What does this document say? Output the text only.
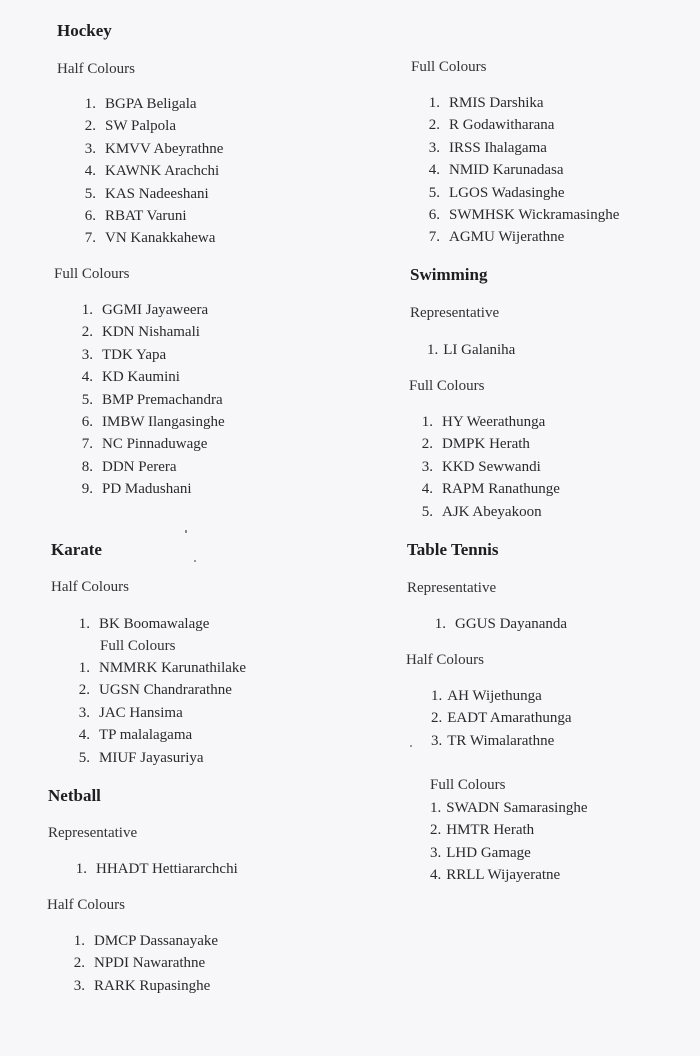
Hockey

Half Colours

1. BGPA Beligala
2. SW Palpola
3. KMVV Abeyrathne
4. KAWNK Arachchi
5. KAS Nadeeshani
6. RBAT Varuni
7. VN Kanakkahewa

Full Colours

1. GGMI Jayaweera
2. KDN Nishamali
3. TDK Yapa
4. KD Kaumini
5. BMP Premachandra
6. IMBW Ilangasinghe
7. NC Pinnaduwage
8. DDN Perera
9. PD Madushani
Karate

Half Colours

1. BK Boomawalage

Full Colours

1. NMMRK Karunathilake
2. UGSN Chandrarathne
3. JAC Hansima
4. TP malalagama
5. MIUF Jayasuriya
Netball

Representative

1. HHADT Hettiararchchi

Half Colours

1. DMCP Dassanayake
2. NPDI Nawarathne
3. RARK Rupasinghe

Full Colours

1. RMIS Darshika
2. R Godawitharana
3. IRSS Ihalagama
4. NMID Karunadasa
5. LGOS Wadasinghe
6. SWMHSK Wickramasinghe
7. AGMU Wijerathne
Swimming

Representative

1. LI Galaniha

Full Colours

1. HY Weerathunga
2. DMPK Herath
3. KKD Sewwandi
4. RAPM Ranathunge
5. AJK Abeyakoon
Table Tennis

Representative

1. GGUS Dayananda

Half Colours

1. AH Wijethunga
2. EADT Amarathunga
3. TR Wimalarathne

Full Colours

1. SWADN Samarasinghe
2. HMTR Herath
3. LHD Gamage
4. RRLL Wijayeratne
